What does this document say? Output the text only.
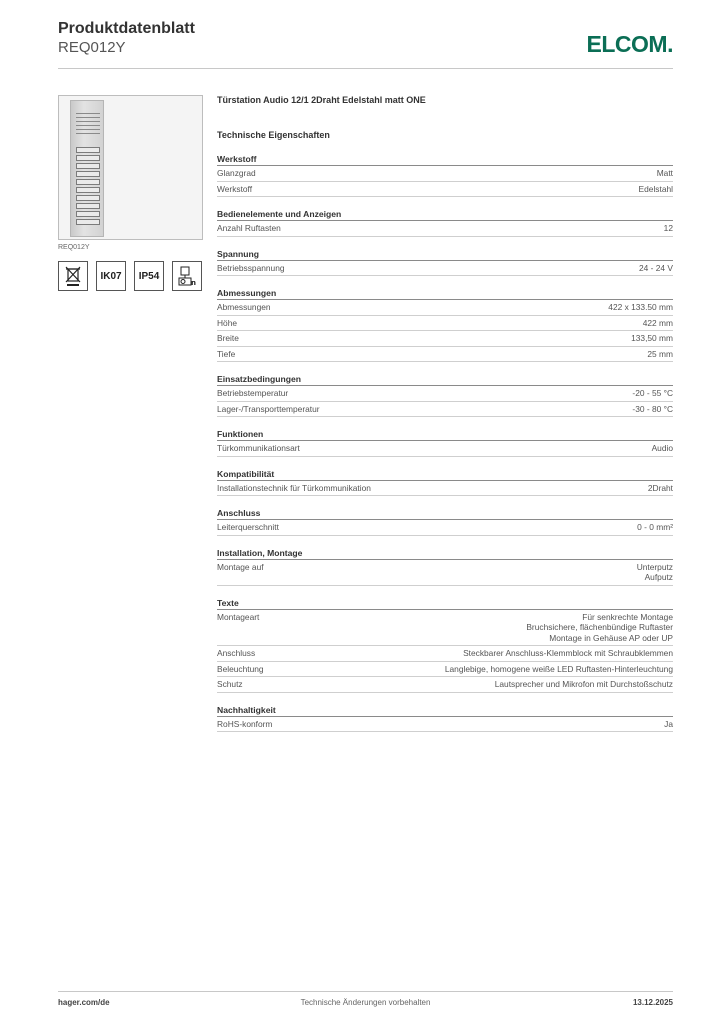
Produktdatenblatt
REQ012Y	ELCOM.
REQ012Y
IK07	IP54
n
Türstation Audio 12/1 2Draht Edelstahl matt ONE
Technische Eigenschaften
Werkstoff
Glanzgrad	Matt
Werkstoff	Edelstahl
Bedienelemente und Anzeigen
Anzahl Ruftasten	12
Spannung
Betriebsspannung	24 - 24 V
Abmessungen
Abmessungen	422 x 133.50 mm
Höhe	422 mm
Breite	133,50 mm
Tiefe	25 mm
Einsatzbedingungen
Betriebstemperatur	-20 - 55 °C
Lager-/Transporttemperatur	-30 - 80 °C
Funktionen
Türkommunikationsart	Audio
Kompatibilität
Installationstechnik für Türkommunikation	2Draht
Anschluss
Leiterquerschnitt	0 - 0 mm²
Installation, Montage
Montage auf	Unterputz
Aufputz
Texte
Montageart	Für senkrechte Montage
Bruchsichere, flächenbündige Ruftaster
Montage in Gehäuse AP oder UP
Anschluss	Steckbarer Anschluss-Klemmblock mit Schraubklemmen
Beleuchtung	Langlebige, homogene weiße LED Ruftasten-Hinterleuchtung
Schutz	Lautsprecher und Mikrofon mit Durchstoßschutz
Nachhaltigkeit
RoHS-konform	Ja
hager.com/de	Technische Änderungen vorbehalten	13.12.2025
